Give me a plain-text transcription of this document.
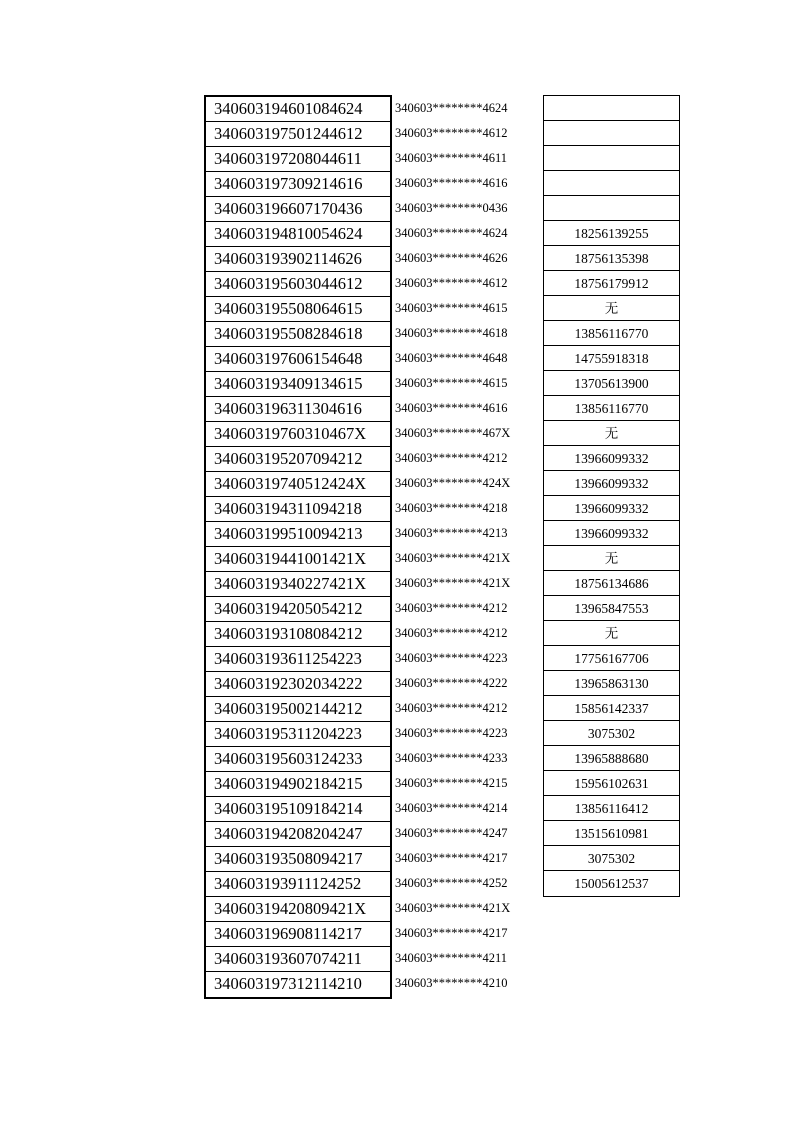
340603194601084624
340603197501244612
340603197208044611
340603197309214616
340603196607170436
340603194810054624
340603193902114626
340603195603044612
340603195508064615
340603195508284618
340603197606154648
340603193409134615
340603196311304616
34060319760310467X
340603195207094212
34060319740512424X
340603194311094218
340603199510094213
34060319441001421X
34060319340227421X
340603194205054212
340603193108084212
340603193611254223
340603192302034222
340603195002144212
340603195311204223
340603195603124233
340603194902184215
340603195109184214
340603194208204247
340603193508094217
340603193911124252
34060319420809421X
340603196908114217
340603193607074211
340603197312114210
340603********4624
340603********4612
340603********4611
340603********4616
340603********0436
340603********4624
340603********4626
340603********4612
340603********4615
340603********4618
340603********4648
340603********4615
340603********4616
340603********467X
340603********4212
340603********424X
340603********4218
340603********4213
340603********421X
340603********421X
340603********4212
340603********4212
340603********4223
340603********4222
340603********4212
340603********4223
340603********4233
340603********4215
340603********4214
340603********4247
340603********4217
340603********4252
340603********421X
340603********4217
340603********4211
340603********4210
18256139255
18756135398
18756179912
无
13856116770
14755918318
13705613900
13856116770
无
13966099332
13966099332
13966099332
13966099332
无
18756134686
13965847553
无
17756167706
13965863130
15856142337
3075302
13965888680
15956102631
13856116412
13515610981
3075302
15005612537
